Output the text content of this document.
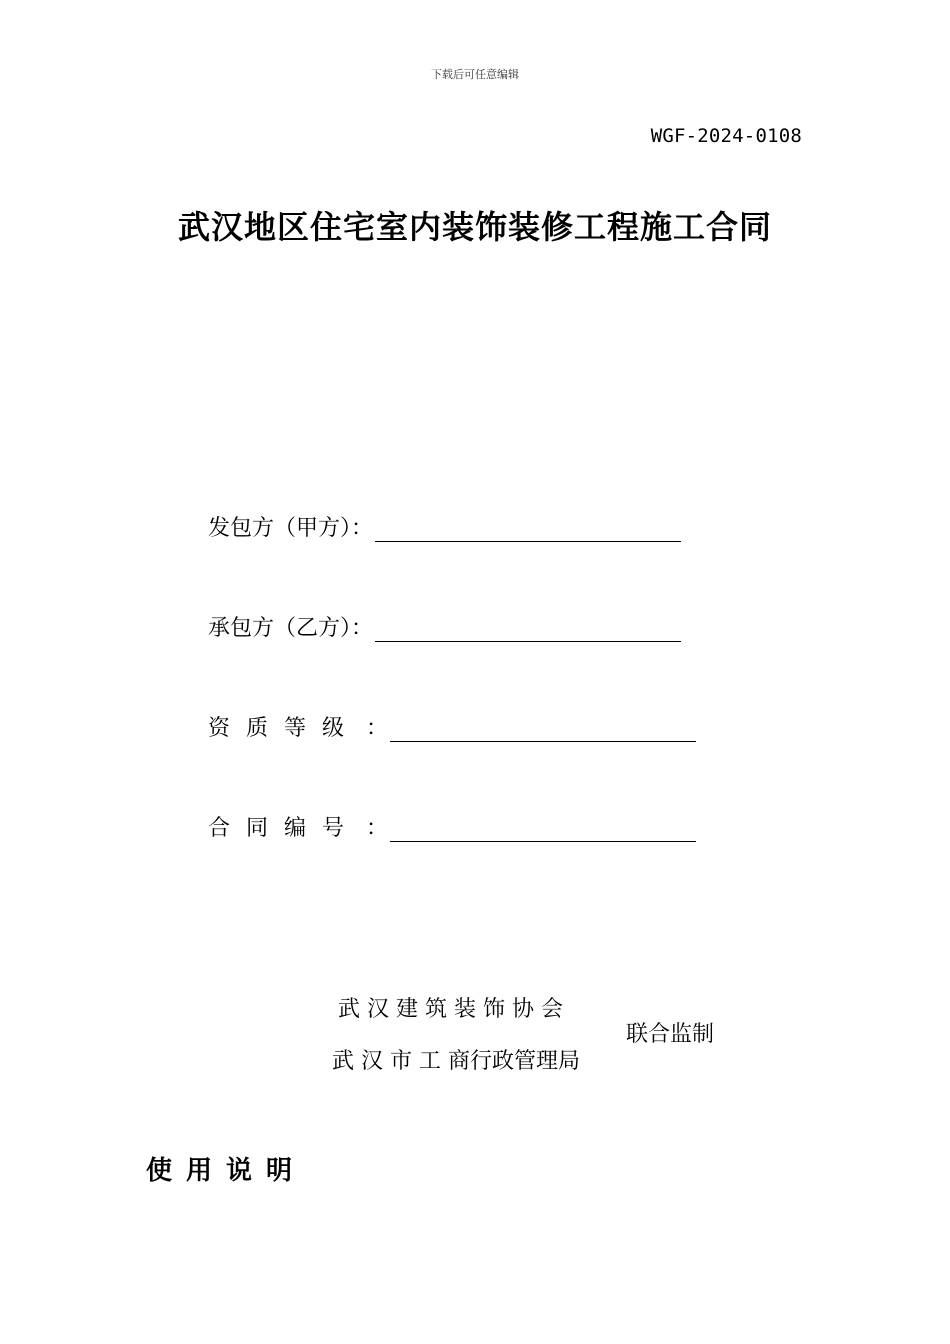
下载后可任意编辑
WGF-2024-0108
武汉地区住宅室内装饰装修工程施工合同
发包方（甲方）：
承包方（乙方）：
资质等级 ：
合同编号 ：
武 汉 建 筑 装 饰 协 会
武 汉 市 工 商行政管理局
联合监制
使用说明
